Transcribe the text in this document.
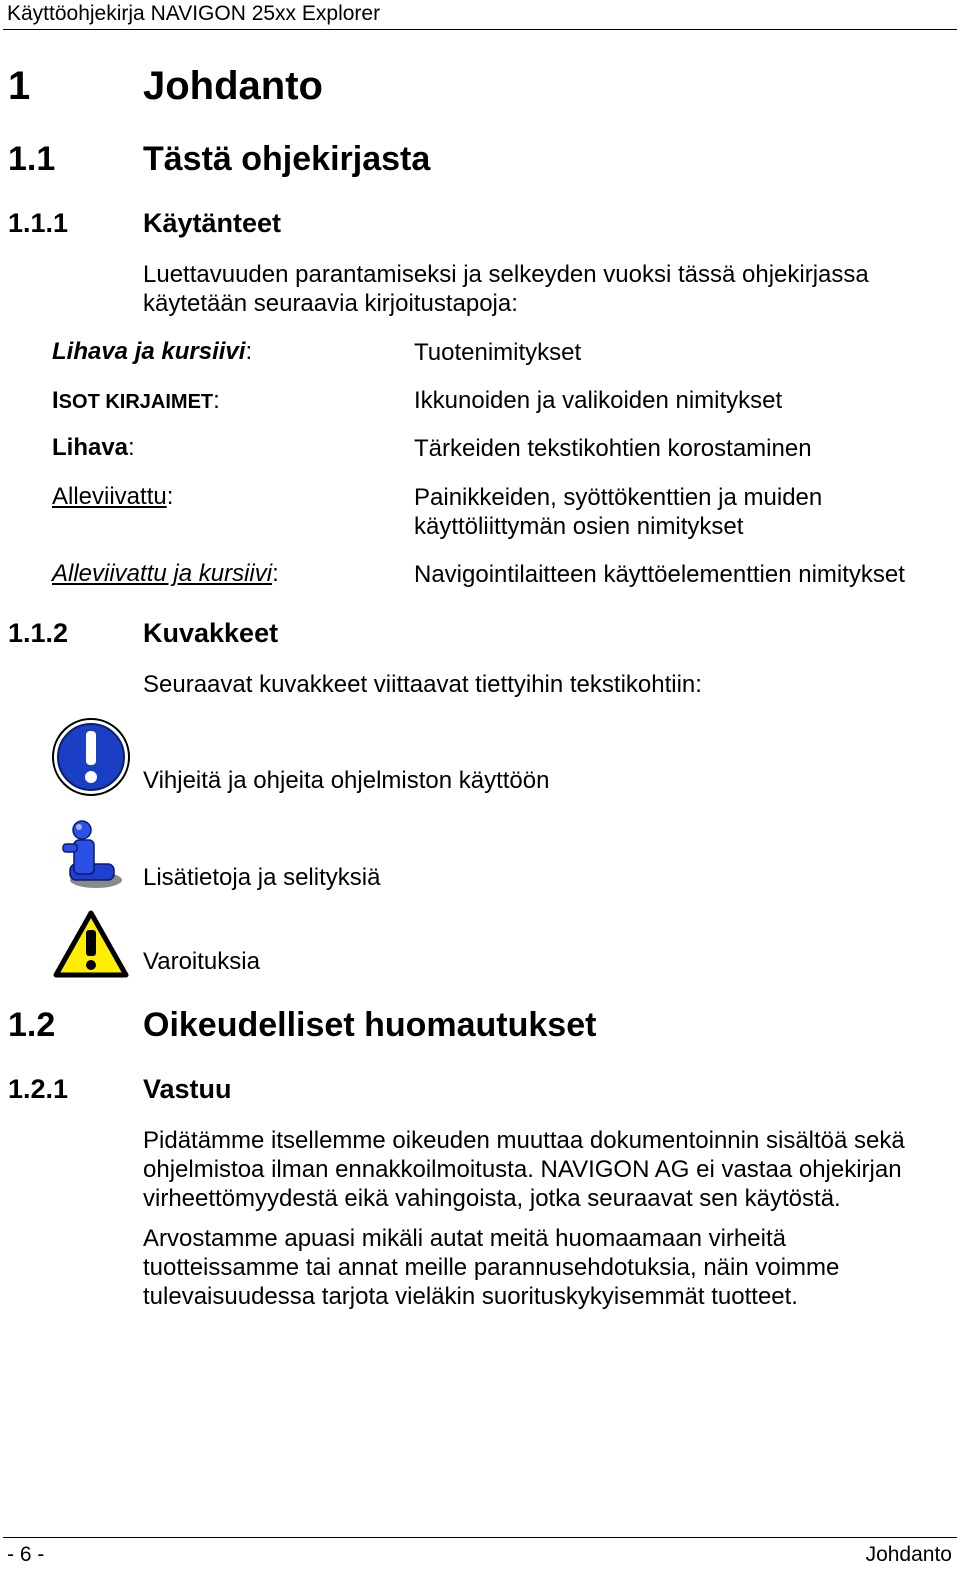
Käyttöohjekirja NAVIGON 25xx Explorer
1	Johdanto
1.1	Tästä ohjekirjasta
1.1.1	Käytänteet
Luettavuuden parantamiseksi ja selkeyden vuoksi tässä ohjekirjassa
käytetään seuraavia kirjoitustapoja:
Lihava ja kursiivi:	Tuotenimitykset
ISOT KIRJAIMET:	Ikkunoiden ja valikoiden nimitykset
Lihava:	Tärkeiden tekstikohtien korostaminen
Alleviivattu:	Painikkeiden, syöttökenttien ja muiden
käyttöliittymän osien nimitykset
Alleviivattu ja kursiivi:	Navigointilaitteen käyttöelementtien nimitykset
1.1.2	Kuvakkeet
Seuraavat kuvakkeet viittaavat tiettyihin tekstikohtiin:
Vihjeitä ja ohjeita ohjelmiston käyttöön
Lisätietoja ja selityksiä
Varoituksia
1.2	Oikeudelliset huomautukset
1.2.1	Vastuu
Pidätämme itsellemme oikeuden muuttaa dokumentoinnin sisältöä sekä
ohjelmistoa ilman ennakkoilmoitusta. NAVIGON AG ei vastaa ohjekirjan
virheettömyydestä eikä vahingoista, jotka seuraavat sen käytöstä.
Arvostamme apuasi mikäli autat meitä huomaamaan virheitä
tuotteissamme tai annat meille parannusehdotuksia, näin voimme
tulevaisuudessa tarjota vieläkin suorituskykyisemmät tuotteet.
- 6 -	Johdanto
